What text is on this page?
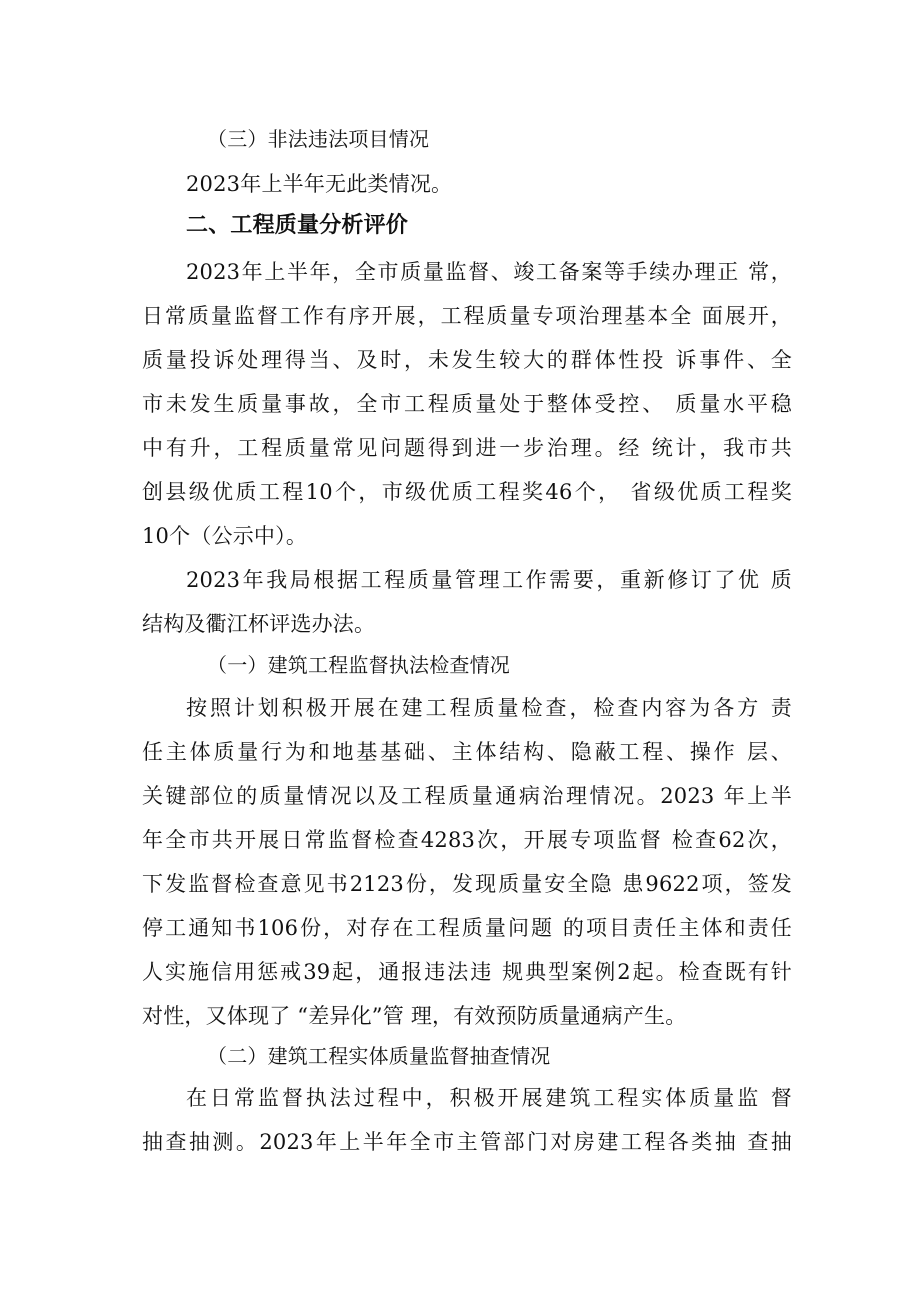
（三）非法违法项目情况
2023年上半年无此类情况。
二、工程质量分析评价
2023年上半年，全市质量监督、竣工备案等手续办理正 常，
日常质量监督工作有序开展，工程质量专项治理基本全 面展开，
质量投诉处理得当、及时，未发生较大的群体性投 诉事件、全
市未发生质量事故，全市工程质量处于整体受控、 质量水平稳
中有升，工程质量常见问题得到进一步治理。经 统计，我市共
创县级优质工程10个，市级优质工程奖46个， 省级优质工程奖
10个（公示中）。
2023年我局根据工程质量管理工作需要，重新修订了优 质
结构及衢江杯评选办法。
（一）建筑工程监督执法检查情况
按照计划积极开展在建工程质量检查，检查内容为各方 责
任主体质量行为和地基基础、主体结构、隐蔽工程、操作 层、
关键部位的质量情况以及工程质量通病治理情况。2023 年上半
年全市共开展日常监督检查4283次，开展专项监督 检查62次，
下发监督检查意见书2123份，发现质量安全隐 患9622项，签发
停工通知书106份，对存在工程质量问题 的项目责任主体和责任
人实施信用惩戒39起，通报违法违 规典型案例2起。检查既有针
对性，又体现了 “差异化”管 理，有效预防质量通病产生。
（二）建筑工程实体质量监督抽查情况
在日常监督执法过程中，积极开展建筑工程实体质量监 督
抽查抽测。2023年上半年全市主管部门对房建工程各类抽 查抽
